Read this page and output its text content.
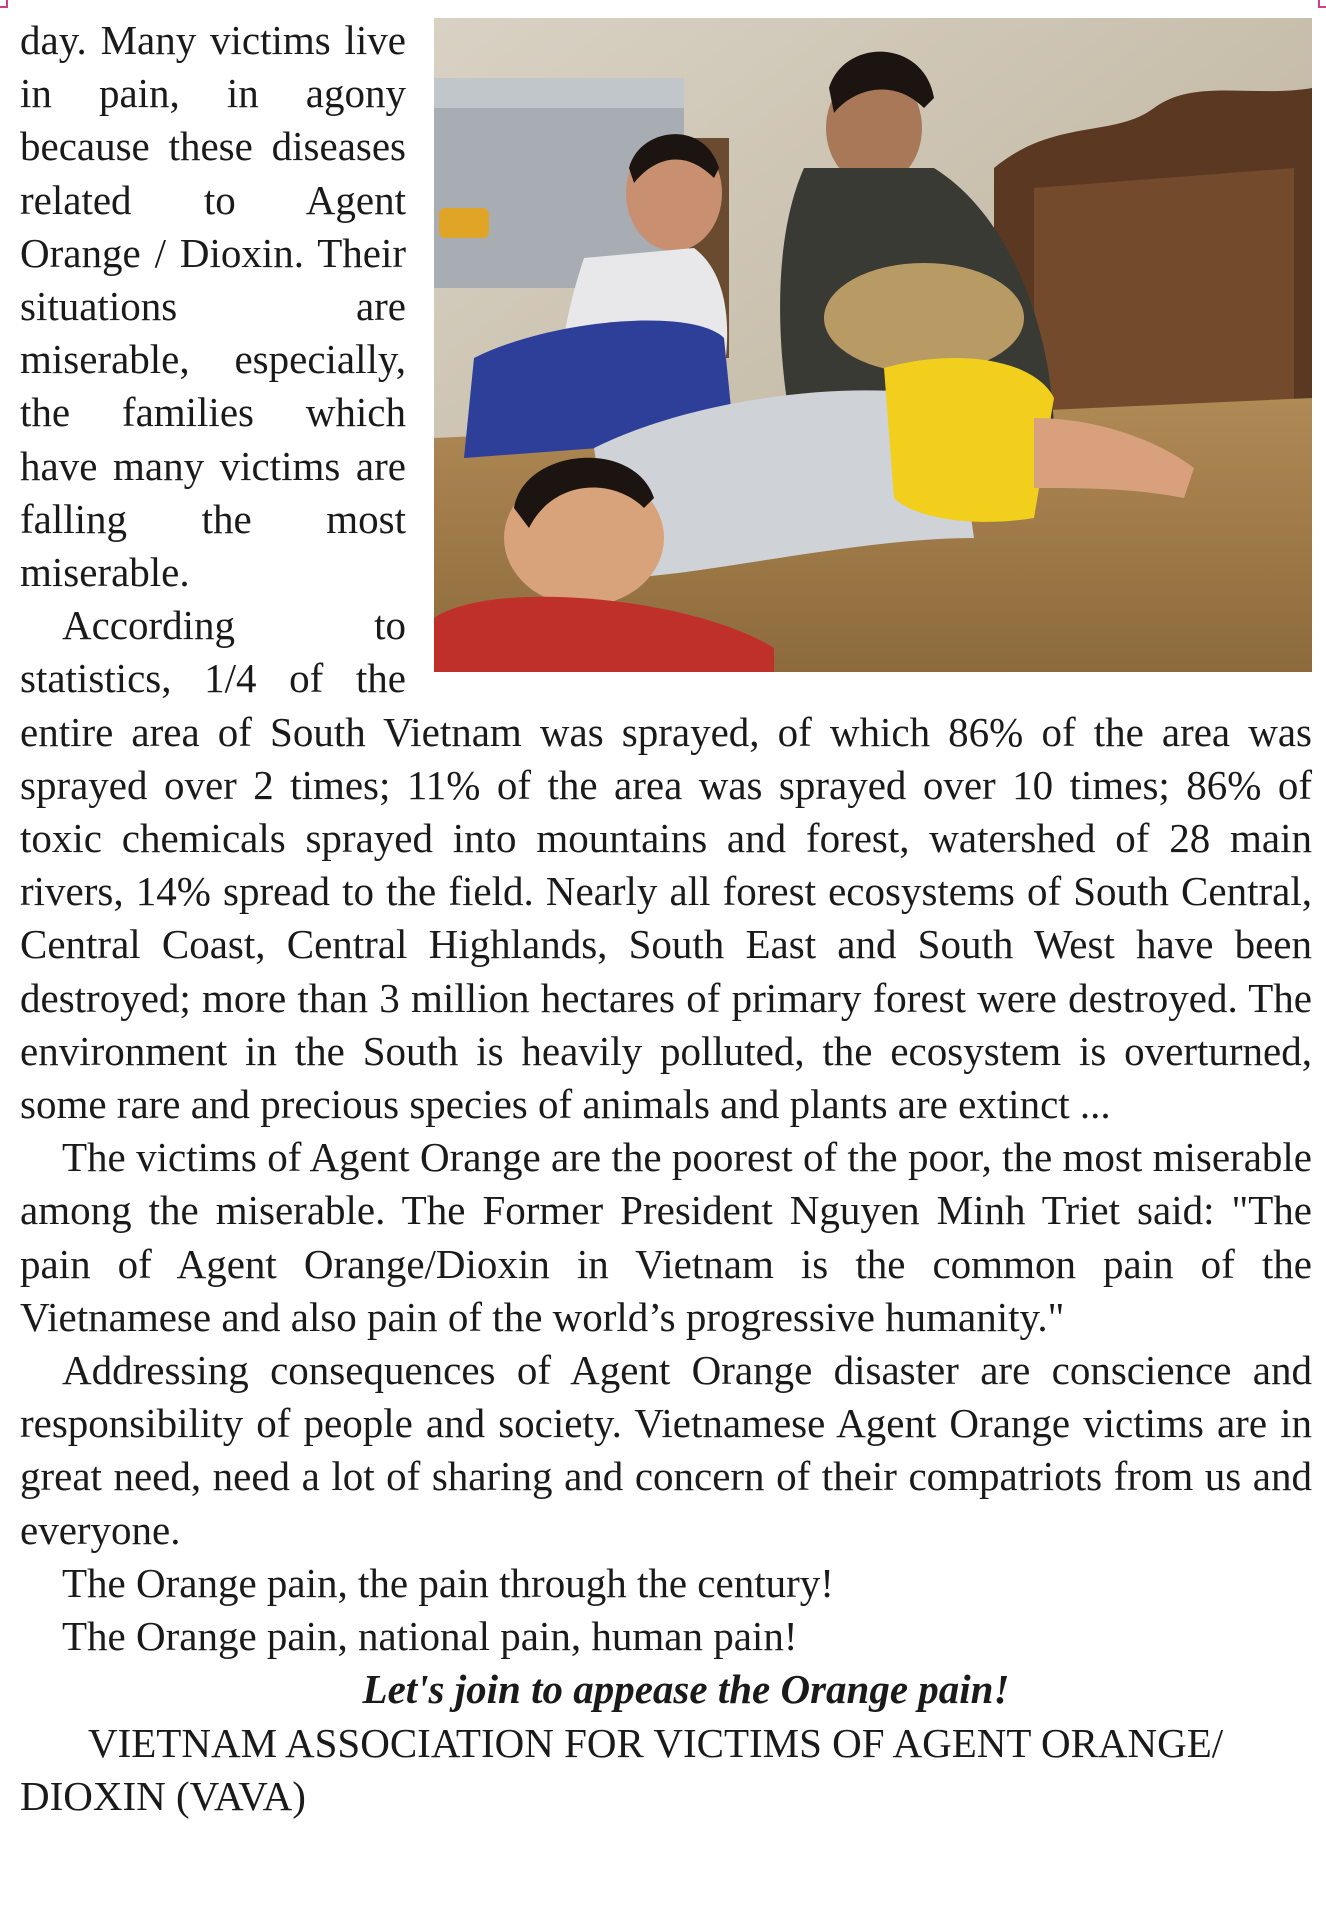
day. Many victims live in pain, in agony because these diseases related to Agent Orange / Dioxin. Their situations are miserable, especially, the families which have many victims are falling the most miserable.

According to statistics, 1/4 of the entire area of South Vietnam was sprayed, of which 86% of the area was sprayed over 2 times; 11% of the area was sprayed over 10 times; 86% of toxic chemicals sprayed into mountains and forest, watershed of 28 main rivers, 14% spread to the field. Nearly all forest ecosystems of South Central, Central Coast, Central Highlands, South East and South West have been destroyed; more than 3 million hectares of primary forest were destroyed. The environment in the South is heavily polluted, the ecosystem is overturned, some rare and precious species of animals and plants are extinct ...

The victims of Agent Orange are the poorest of the poor, the most miserable among the miserable. The Former President Nguyen Minh Triet said: "The pain of Agent Orange/Dioxin in Vietnam is the common pain of the Vietnamese and also pain of the world’s progressive humanity."

Addressing consequences of Agent Orange disaster are conscience and responsibility of people and society. Vietnamese Agent Orange victims are in great need, need a lot of sharing and concern of their compatriots from us and everyone.

The Orange pain, the pain through the century!

The Orange pain, national pain, human pain!

Let's join to appease the Orange pain!

VIETNAM ASSOCIATION FOR VICTIMS OF AGENT ORANGE/ DIOXIN (VAVA)
